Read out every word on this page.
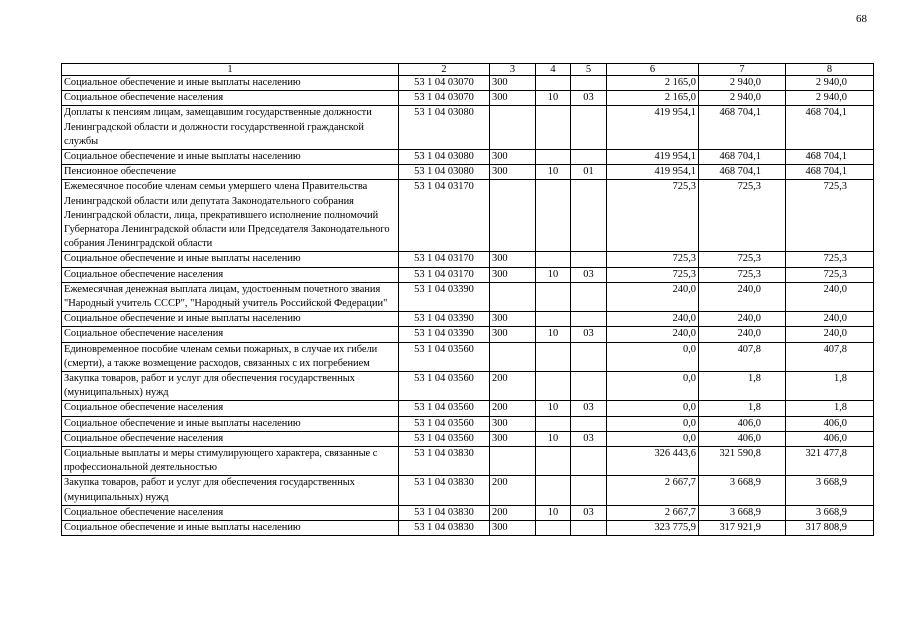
68
1	2	3	4	5	6	7	8
Социальное обеспечение и иные выплаты населению	53 1 04 03070	300			2 165,0	2 940,0	2 940,0
Социальное обеспечение населения	53 1 04 03070	300	10	03	2 165,0	2 940,0	2 940,0
Доплаты к пенсиям лицам, замещавшим государственные должности Ленинградской области и должности государственной гражданской службы	53 1 04 03080				419 954,1	468 704,1	468 704,1
Социальное обеспечение и иные выплаты населению	53 1 04 03080	300			419 954,1	468 704,1	468 704,1
Пенсионное обеспечение	53 1 04 03080	300	10	01	419 954,1	468 704,1	468 704,1
Ежемесячное пособие членам семьи умершего члена Правительства Ленинградской области или депутата Законодательного собрания Ленинградской области, лица, прекратившего исполнение полномочий Губернатора Ленинградской области или Председателя Законодательного собрания Ленинградской области	53 1 04 03170				725,3	725,3	725,3
Социальное обеспечение и иные выплаты населению	53 1 04 03170	300			725,3	725,3	725,3
Социальное обеспечение населения	53 1 04 03170	300	10	03	725,3	725,3	725,3
Ежемесячная денежная выплата лицам, удостоенным почетного звания "Народный учитель СССР", "Народный учитель Российской Федерации"	53 1 04 03390				240,0	240,0	240,0
Социальное обеспечение и иные выплаты населению	53 1 04 03390	300			240,0	240,0	240,0
Социальное обеспечение населения	53 1 04 03390	300	10	03	240,0	240,0	240,0
Единовременное пособие членам семьи пожарных, в случае их гибели (смерти), а также возмещение расходов, связанных с их погребением	53 1 04 03560				0,0	407,8	407,8
Закупка товаров, работ и услуг для обеспечения государственных (муниципальных) нужд	53 1 04 03560	200			0,0	1,8	1,8
Социальное обеспечение населения	53 1 04 03560	200	10	03	0,0	1,8	1,8
Социальное обеспечение и иные выплаты населению	53 1 04 03560	300			0,0	406,0	406,0
Социальное обеспечение населения	53 1 04 03560	300	10	03	0,0	406,0	406,0
Социальные выплаты и меры стимулирующего характера, связанные с профессиональной деятельностью	53 1 04 03830				326 443,6	321 590,8	321 477,8
Закупка товаров, работ и услуг для обеспечения государственных (муниципальных) нужд	53 1 04 03830	200			2 667,7	3 668,9	3 668,9
Социальное обеспечение населения	53 1 04 03830	200	10	03	2 667,7	3 668,9	3 668,9
Социальное обеспечение и иные выплаты населению	53 1 04 03830	300			323 775,9	317 921,9	317 808,9
